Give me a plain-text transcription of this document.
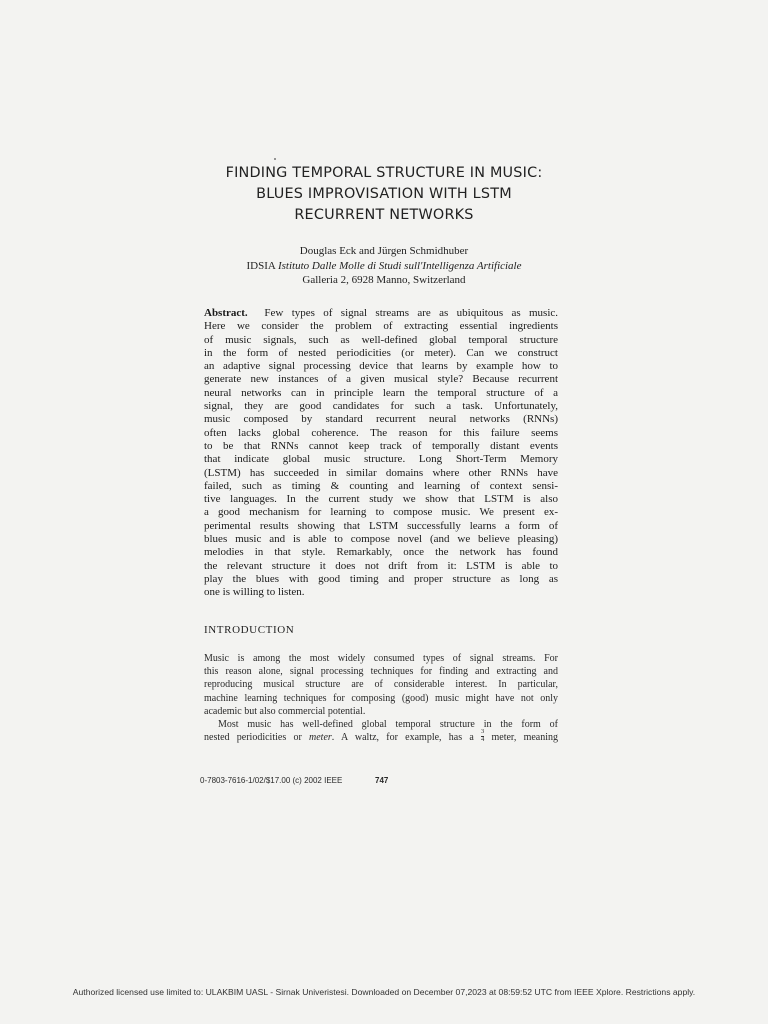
FINDING TEMPORAL STRUCTURE IN MUSIC:
BLUES IMPROVISATION WITH LSTM
RECURRENT NETWORKS
Douglas Eck and Jürgen Schmidhuber
IDSIA Istituto Dalle Molle di Studi sull'Intelligenza Artificiale
Galleria 2, 6928 Manno, Switzerland
Abstract. Few types of signal streams are as ubiquitous as music.
Here we consider the problem of extracting essential ingredients
of music signals, such as well-defined global temporal structure
in the form of nested periodicities (or meter). Can we construct
an adaptive signal processing device that learns by example how to
generate new instances of a given musical style? Because recurrent
neural networks can in principle learn the temporal structure of a
signal, they are good candidates for such a task. Unfortunately,
music composed by standard recurrent neural networks (RNNs)
often lacks global coherence. The reason for this failure seems
to be that RNNs cannot keep track of temporally distant events
that indicate global music structure. Long Short-Term Memory
(LSTM) has succeeded in similar domains where other RNNs have
failed, such as timing & counting and learning of context sensi-
tive languages. In the current study we show that LSTM is also
a good mechanism for learning to compose music. We present ex-
perimental results showing that LSTM successfully learns a form of
blues music and is able to compose novel (and we believe pleasing)
melodies in that style. Remarkably, once the network has found
the relevant structure it does not drift from it: LSTM is able to
play the blues with good timing and proper structure as long as
one is willing to listen.
INTRODUCTION
Music is among the most widely consumed types of signal streams. For
this reason alone, signal processing techniques for finding and extracting and
reproducing musical structure are of considerable interest. In particular,
machine learning techniques for composing (good) music might have not only
academic but also commercial potential.
Most music has well-defined global temporal structure in the form of
nested periodicities or meter. A waltz, for example, has a $\frac{3}{4}$ meter, meaning
0-7803-7616-1/02/$17.00 (c) 2002 IEEE	747
Authorized licensed use limited to: ULAKBIM UASL - Sirnak Univeristesi. Downloaded on December 07,2023 at 08:59:52 UTC from IEEE Xplore. Restrictions apply.
